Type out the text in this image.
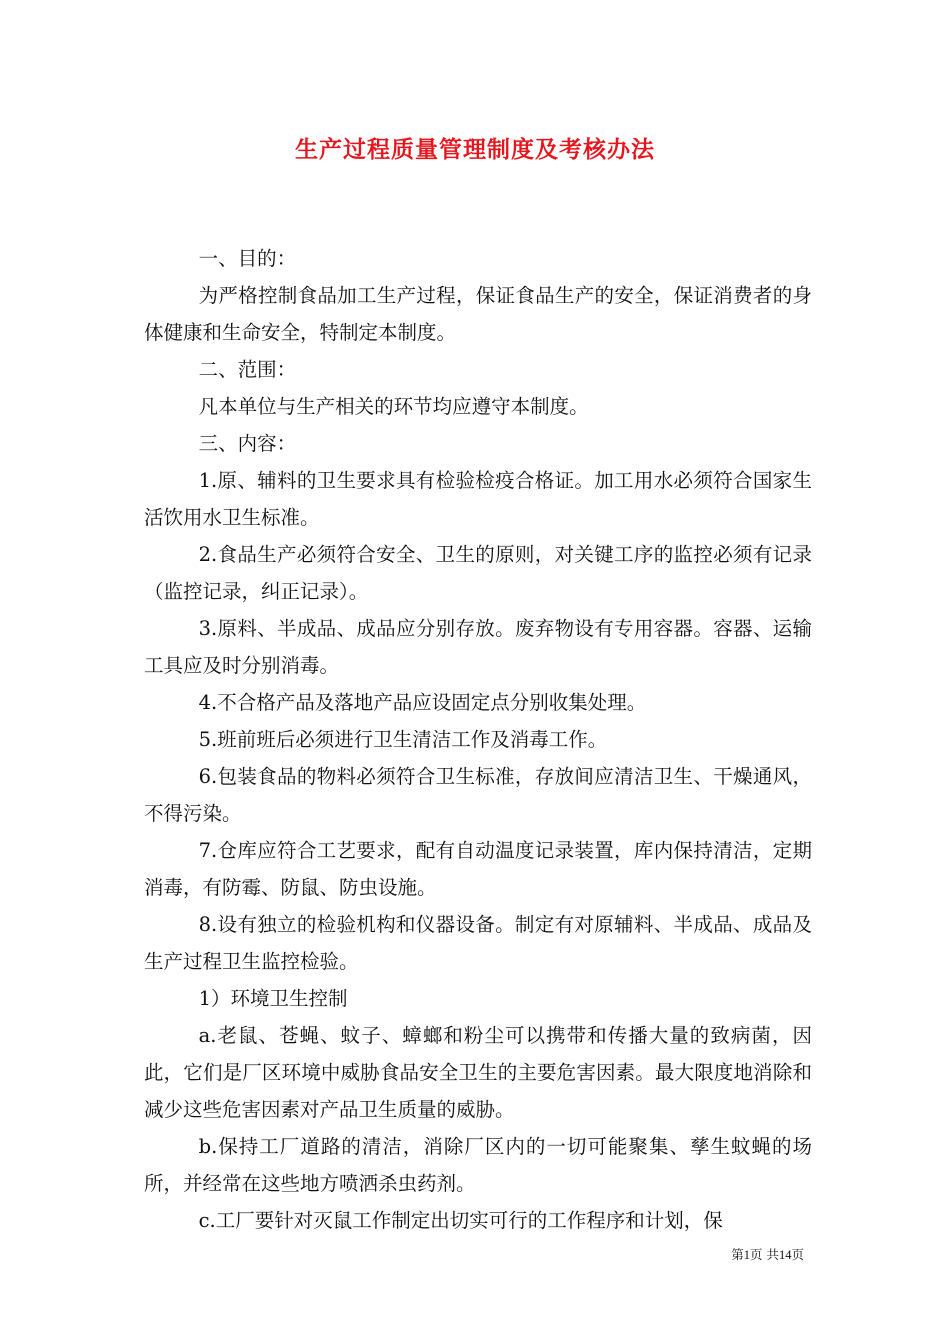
生产过程质量管理制度及考核办法

一、目的：

为严格控制食品加工生产过程，保证食品生产的安全，保证消费者的身体健康和生命安全，特制定本制度。

二、范围：

凡本单位与生产相关的环节均应遵守本制度。

三、内容：

1.原、辅料的卫生要求具有检验检疫合格证。加工用水必须符合国家生活饮用水卫生标准。

2.食品生产必须符合安全、卫生的原则，对关键工序的监控必须有记录（监控记录，纠正记录）。

3.原料、半成品、成品应分别存放。废弃物设有专用容器。容器、运输工具应及时分别消毒。

4.不合格产品及落地产品应设固定点分别收集处理。

5.班前班后必须进行卫生清洁工作及消毒工作。

6.包装食品的物料必须符合卫生标准，存放间应清洁卫生、干燥通风，不得污染。

7.仓库应符合工艺要求，配有自动温度记录装置，库内保持清洁，定期消毒，有防霉、防鼠、防虫设施。

8.设有独立的检验机构和仪器设备。制定有对原辅料、半成品、成品及生产过程卫生监控检验。

1）环境卫生控制

a.老鼠、苍蝇、蚊子、蟑螂和粉尘可以携带和传播大量的致病菌，因此，它们是厂区环境中威胁食品安全卫生的主要危害因素。最大限度地消除和减少这些危害因素对产品卫生质量的威胁。

b.保持工厂道路的清洁，消除厂区内的一切可能聚集、孳生蚊蝇的场所，并经常在这些地方喷洒杀虫药剂。

c.工厂要针对灭鼠工作制定出切实可行的工作程序和计划，保

第1页 共14页
